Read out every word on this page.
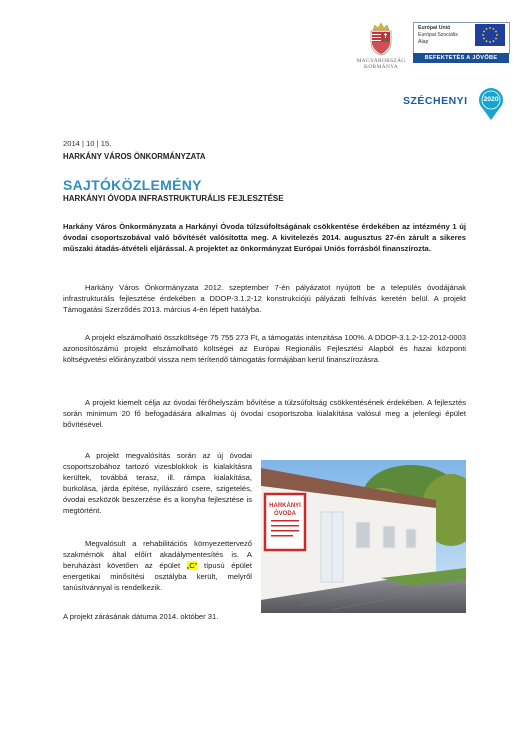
MAGYARORSZÁG
KORMÁNYA
Európai Unió
Európai Szociális
Alap
BEFEKTETÉS A JÖVŐBE
SZÉCHENYI	2020
2014 | 10 | 15.
HARKÁNY VÁROS ÖNKORMÁNYZATA
SAJTÓKÖZLEMÉNY
HARKÁNYI ÓVODA INFRASTRUKTURÁLIS FEJLESZTÉSE

Harkány Város Önkormányzata a Harkányi Óvoda túlzsúfoltságának csökkentése érdekében az intézmény 1 új óvodai csoportszobával való bővítését valósította meg. A kivitelezés 2014. augusztus 27-én zárult a sikeres műszaki átadás-átvételi eljárással. A projektet az önkormányzat Európai Uniós forrásból finanszírozta.

Harkány Város Önkormányzata 2012. szeptember 7-én pályázatot nyújtott be a település óvodájának infrastrukturális fejlesztése érdekében a DDOP-3.1.2-12 konstrukciójú pályázati felhívás keretén belül. A projekt Támogatási Szerződés 2013. március 4-én lépett hatályba.

A projekt elszámolható összköltsége 75 755 273 Ft, a támogatás intenzitása 100%. A DDOP-3.1.2-12-2012-0003 azonosítószámú projekt elszámolható költségei az Európai Regionális Fejlesztési Alapból és hazai központi költségvetési előirányzatból vissza nem térítendő támogatás formájában kerül finanszírozásra.

A projekt kiemelt célja az óvodai férőhelyszám bővítése a túlzsúfoltság csökkentésének érdekében. A fejlesztés során minimum 20 fő befogadására alkalmas új óvodai csoportszoba kialakítása valósul meg a jelenlegi épület bővítésével.

A projekt megvalósítás során az új óvodai csoportszobához tartozó vizesblokkok is kialakításra kerültek, továbbá terasz, ill. rámpa kialakítása, burkolása, járda építése, nyílászáró csere, szigetelés, óvodai eszközök beszerzése és a konyha fejlesztése is megtörtént.

Megvalósult a rehabilitációs környezettervező szakmérnök által előírt akadálymentesítés is. A beruházást követően az épület „C” típusú épület energetikai minősítési osztályba került, melyről tanúsítvánnyal is rendelkezik.

A projekt zárásának dátuma 2014. október 31.

HARKÁNYI
ÓVODA
